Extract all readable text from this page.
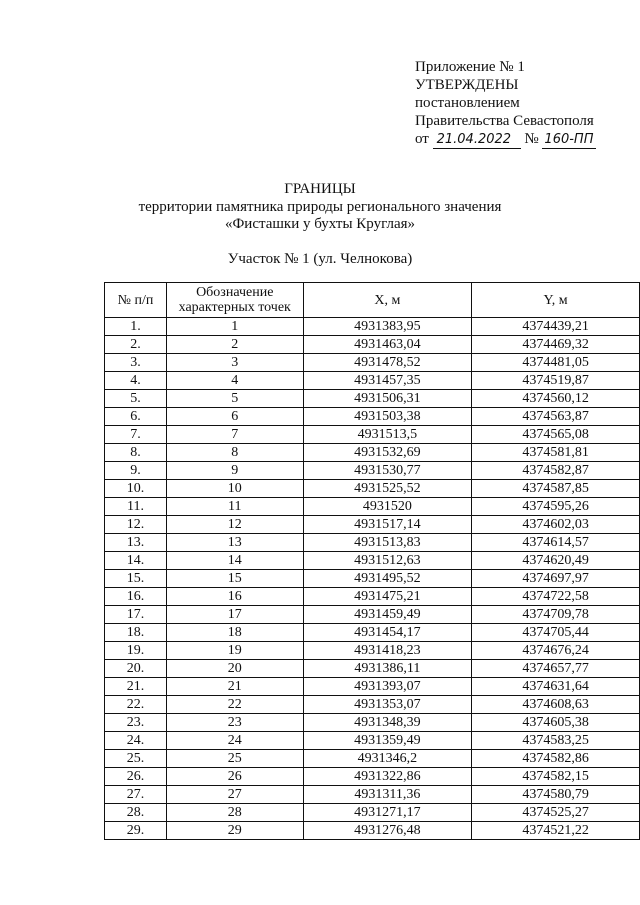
Приложение № 1
УТВЕРЖДЕНЫ
постановлением
Правительства Севастополя
от 21.04.2022 № 160-ПП
ГРАНИЦЫ
территории памятника природы регионального значения
«Фисташки у бухты Круглая»
Участок № 1 (ул. Челнокова)
№ п/п	Обозначение характерных точек	X, м	Y, м
1.	1	4931383,95	4374439,21
2.	2	4931463,04	4374469,32
3.	3	4931478,52	4374481,05
4.	4	4931457,35	4374519,87
5.	5	4931506,31	4374560,12
6.	6	4931503,38	4374563,87
7.	7	4931513,5	4374565,08
8.	8	4931532,69	4374581,81
9.	9	4931530,77	4374582,87
10.	10	4931525,52	4374587,85
11.	11	4931520	4374595,26
12.	12	4931517,14	4374602,03
13.	13	4931513,83	4374614,57
14.	14	4931512,63	4374620,49
15.	15	4931495,52	4374697,97
16.	16	4931475,21	4374722,58
17.	17	4931459,49	4374709,78
18.	18	4931454,17	4374705,44
19.	19	4931418,23	4374676,24
20.	20	4931386,11	4374657,77
21.	21	4931393,07	4374631,64
22.	22	4931353,07	4374608,63
23.	23	4931348,39	4374605,38
24.	24	4931359,49	4374583,25
25.	25	4931346,2	4374582,86
26.	26	4931322,86	4374582,15
27.	27	4931311,36	4374580,79
28.	28	4931271,17	4374525,27
29.	29	4931276,48	4374521,22
